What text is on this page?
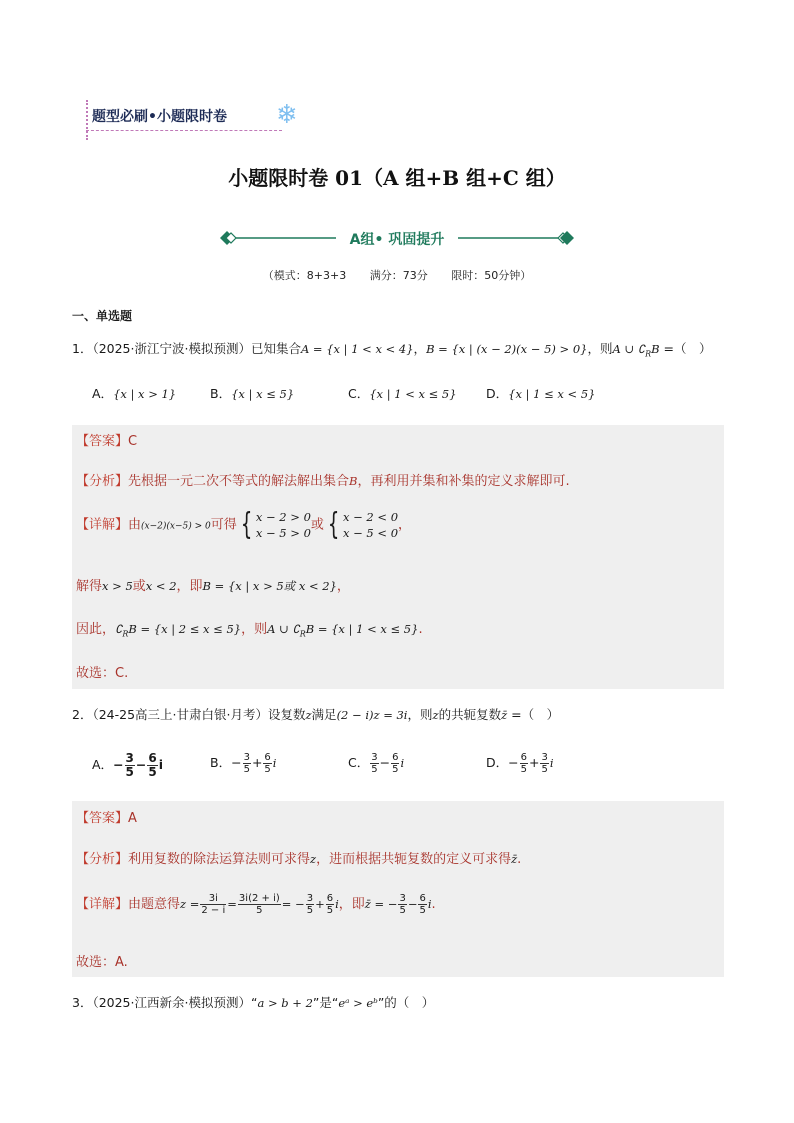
题型必刷•小题限时卷 ❄
小题限时卷 01（A 组+B 组+C 组）
A组• 巩固提升
（模式：8+3+3 满分：73分 限时：50分钟）
一、单选题
1．（2025·浙江宁波·模拟预测）已知集合A = {x | 1 < x < 4}，B = {x | (x − 2)(x − 5) > 0}，则A ∪ $∁_RB$ =（　）
A．{x | x > 1}	B．{x | x ≤ 5}	C．{x | 1 < x ≤ 5} D．{x | 1 ≤ x < 5}
【答案】C
【分析】先根据一元二次不等式的解法解出集合B，再利用并集和补集的定义求解即可.
【详解】由(x−2)(x−5) > 0可得 { x − 2 > 0
x − 5 > 0
或 { x − 2 < 0
x − 5 < 0
，
解得x > 5或x < 2，即B = {x | x > 5或 x < 2}，
因此，$∁_RB = \{x$ | 2 ≤ x ≤ 5}，则A ∪ $∁_RB = \{x$ | 1 < x ≤ 5}.
故选：C.
2．（24-25高三上·甘肃白银·月考）设复数z满足(2 − i)z = 3i，则z的共轭复数z̄ =（　）
A．− $\frac{3}{5} - \frac{6}{5}$ i	B．− $\frac{3}{5} + \frac{6}{5}$ i	C． $\frac{3}{5} - \frac{6}{5}$ i	D．− $\frac{6}{5} + \frac{3}{5}$ i
【答案】A
【分析】利用复数的除法运算法则可求得z，进而根据共轭复数的定义可求得z̄.
【详解】由题意得$z = \frac{3i}{2 - i} = \frac{3i(2 + i)}{5}$ = − $\frac{3}{5} + \frac{6}{5}$ i，即z̄ = − $\frac{3}{5} - \frac{6}{5} i$.
故选：A.
3．（2025·江西新余·模拟预测）“a > b + 2”是“eᵃ > eᵇ”的（　）
